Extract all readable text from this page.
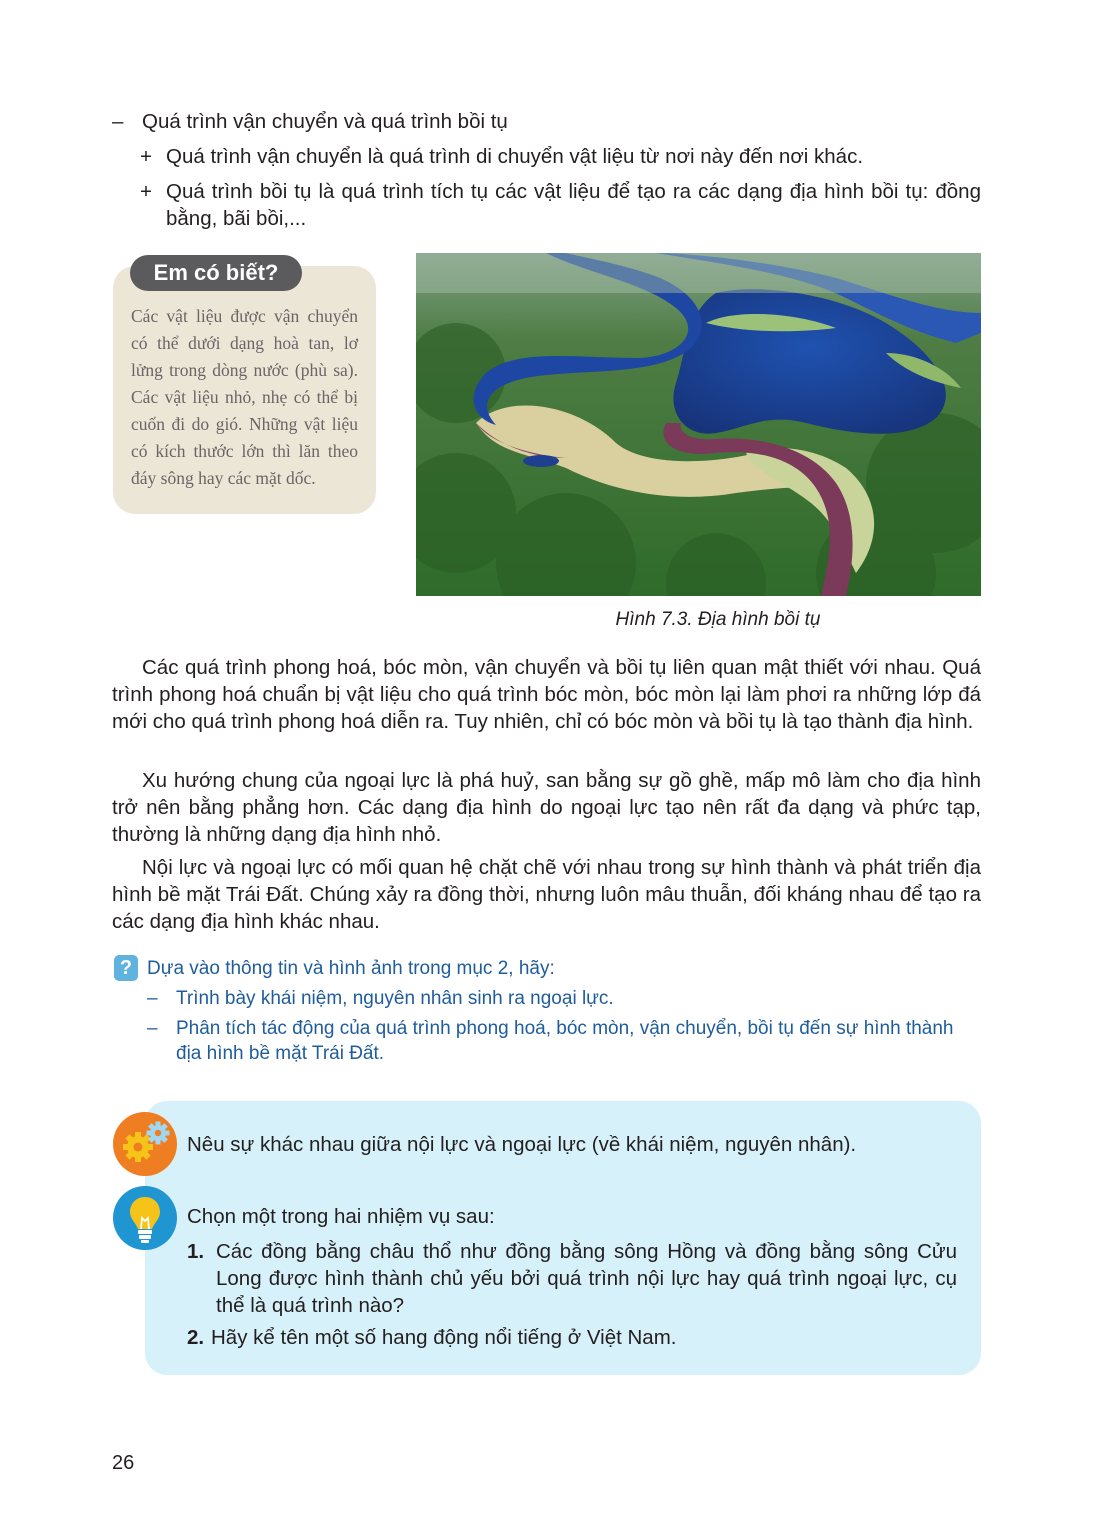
– Quá trình vận chuyển và quá trình bồi tụ
+ Quá trình vận chuyển là quá trình di chuyển vật liệu từ nơi này đến nơi khác.
+ Quá trình bồi tụ là quá trình tích tụ các vật liệu để tạo ra các dạng địa hình bồi tụ: đồng bằng, bãi bồi,...
Em có biết?
Các vật liệu được vận chuyển có thể dưới dạng hoà tan, lơ lửng trong dòng nước (phù sa). Các vật liệu nhỏ, nhẹ có thể bị cuốn đi do gió. Những vật liệu có kích thước lớn thì lăn theo đáy sông hay các mặt dốc.
Hình 7.3. Địa hình bồi tụ
Các quá trình phong hoá, bóc mòn, vận chuyển và bồi tụ liên quan mật thiết với nhau. Quá trình phong hoá chuẩn bị vật liệu cho quá trình bóc mòn, bóc mòn lại làm phơi ra những lớp đá mới cho quá trình phong hoá diễn ra. Tuy nhiên, chỉ có bóc mòn và bồi tụ là tạo thành địa hình.
Xu hướng chung của ngoại lực là phá huỷ, san bằng sự gồ ghề, mấp mô làm cho địa hình trở nên bằng phẳng hơn. Các dạng địa hình do ngoại lực tạo nên rất đa dạng và phức tạp, thường là những dạng địa hình nhỏ.
Nội lực và ngoại lực có mối quan hệ chặt chẽ với nhau trong sự hình thành và phát triển địa hình bề mặt Trái Đất. Chúng xảy ra đồng thời, nhưng luôn mâu thuẫn, đối kháng nhau để tạo ra các dạng địa hình khác nhau.
? Dựa vào thông tin và hình ảnh trong mục 2, hãy:
– Trình bày khái niệm, nguyên nhân sinh ra ngoại lực.
– Phân tích tác động của quá trình phong hoá, bóc mòn, vận chuyển, bồi tụ đến sự hình thành địa hình bề mặt Trái Đất.
Nêu sự khác nhau giữa nội lực và ngoại lực (về khái niệm, nguyên nhân).
Chọn một trong hai nhiệm vụ sau:
1. Các đồng bằng châu thổ như đồng bằng sông Hồng và đồng bằng sông Cửu Long được hình thành chủ yếu bởi quá trình nội lực hay quá trình ngoại lực, cụ thể là quá trình nào?
2. Hãy kể tên một số hang động nổi tiếng ở Việt Nam.
26
